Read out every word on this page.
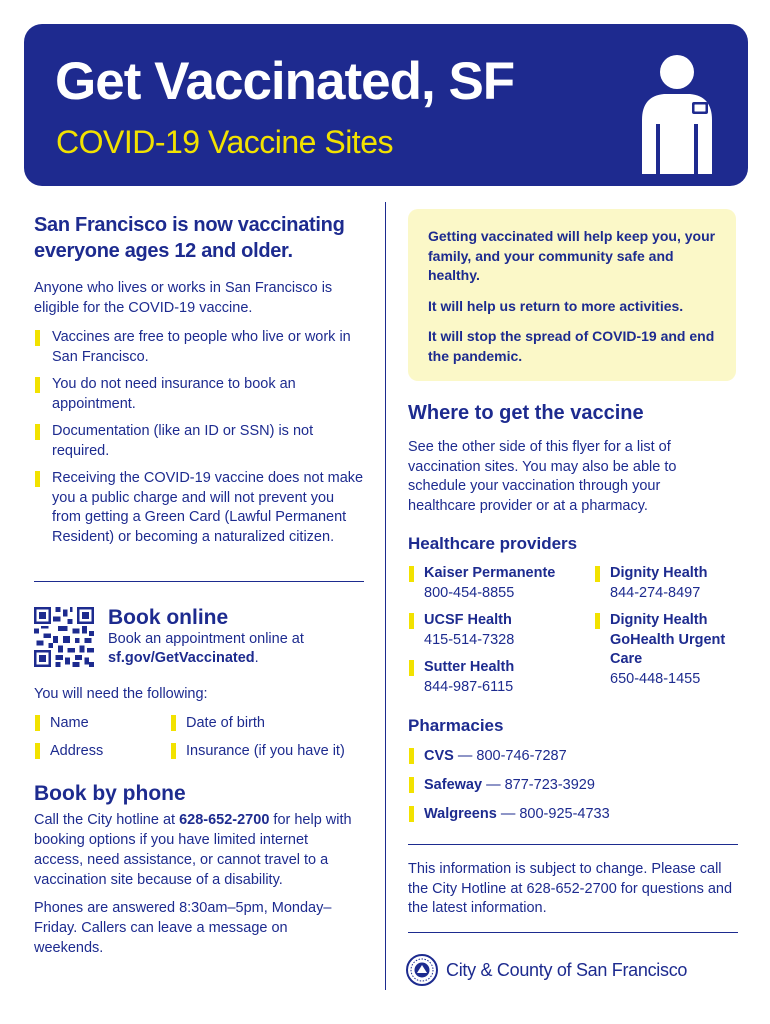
Get Vaccinated, SF
COVID-19 Vaccine Sites
San Francisco is now vaccinating everyone ages 12 and older.
Anyone who lives or works in San Francisco is eligible for the COVID-19 vaccine.
Vaccines are free to people who live or work in San Francisco.
You do not need insurance to book an appointment.
Documentation (like an ID or SSN) is not required.
Receiving the COVID-19 vaccine does not make you a public charge and will not prevent you from getting a Green Card (Lawful Permanent Resident) or becoming a naturalized citizen.
Book online
Book an appointment online at sf.gov/GetVaccinated.
You will need the following:
Name	Date of birth
Address	Insurance (if you have it)
Book by phone
Call the City hotline at 628-652-2700 for help with booking options if you have limited internet access, need assistance, or cannot travel to a vaccination site because of a disability.
Phones are answered 8:30am–5pm, Monday–Friday. Callers can leave a message on weekends.

Getting vaccinated will help keep you, your family, and your community safe and healthy.

It will help us return to more activities.

It will stop the spread of COVID-19 and end the pandemic.

Where to get the vaccine
See the other side of this flyer for a list of vaccination sites. You may also be able to schedule your vaccination through your healthcare provider or at a pharmacy.
Healthcare providers
Kaiser Permanente
800-454-8855
UCSF Health
415-514-7328
Sutter Health
844-987-6115
Dignity Health
844-274-8497
Dignity Health GoHealth Urgent Care
650-448-1455
Pharmacies
CVS — 800-746-7287
Safeway — 877-723-3929
Walgreens — 800-925-4733
This information is subject to change. Please call the City Hotline at 628-652-2700 for questions and the latest information.
City & County of San Francisco
